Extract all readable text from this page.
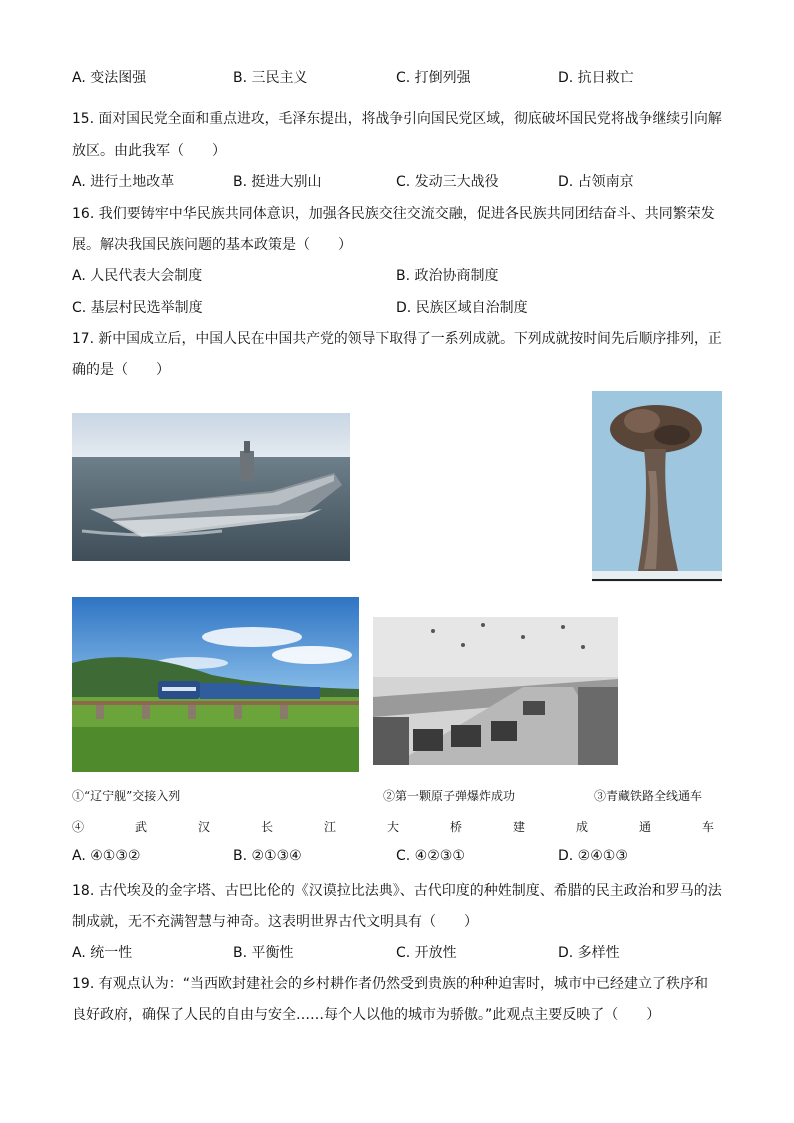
A. 变法图强	B. 三民主义	C. 打倒列强	D. 抗日救亡
15. 面对国民党全面和重点进攻，毛泽东提出，将战争引向国民党区域，彻底破坏国民党将战争继续引向解
放区。由此我军（　　）
A. 进行土地改革	B. 挺进大别山	C. 发动三大战役	D. 占领南京
16. 我们要铸牢中华民族共同体意识，加强各民族交往交流交融，促进各民族共同团结奋斗、共同繁荣发
展。解决我国民族问题的基本政策是（　　）
A. 人民代表大会制度	B. 政治协商制度
C. 基层村民选举制度	D. 民族区域自治制度
17. 新中国成立后，中国人民在中国共产党的领导下取得了一系列成就。下列成就按时间先后顺序排列，正
确的是（　　）
①“辽宁舰”交接入列	②第一颗原子弹爆炸成功	③青藏铁路全线通车
④武汉长江大桥建成通车
A. ④①③②	B. ②①③④	C. ④②③①	D. ②④①③
18. 古代埃及的金字塔、古巴比伦的《汉谟拉比法典》、古代印度的种姓制度、希腊的民主政治和罗马的法
制成就，无不充满智慧与神奇。这表明世界古代文明具有（　　）
A. 统一性	B. 平衡性	C. 开放性	D. 多样性
19. 有观点认为：“当西欧封建社会的乡村耕作者仍然受到贵族的种种迫害时，城市中已经建立了秩序和
良好政府，确保了人民的自由与安全……每个人以他的城市为骄傲。”此观点主要反映了（　　）
